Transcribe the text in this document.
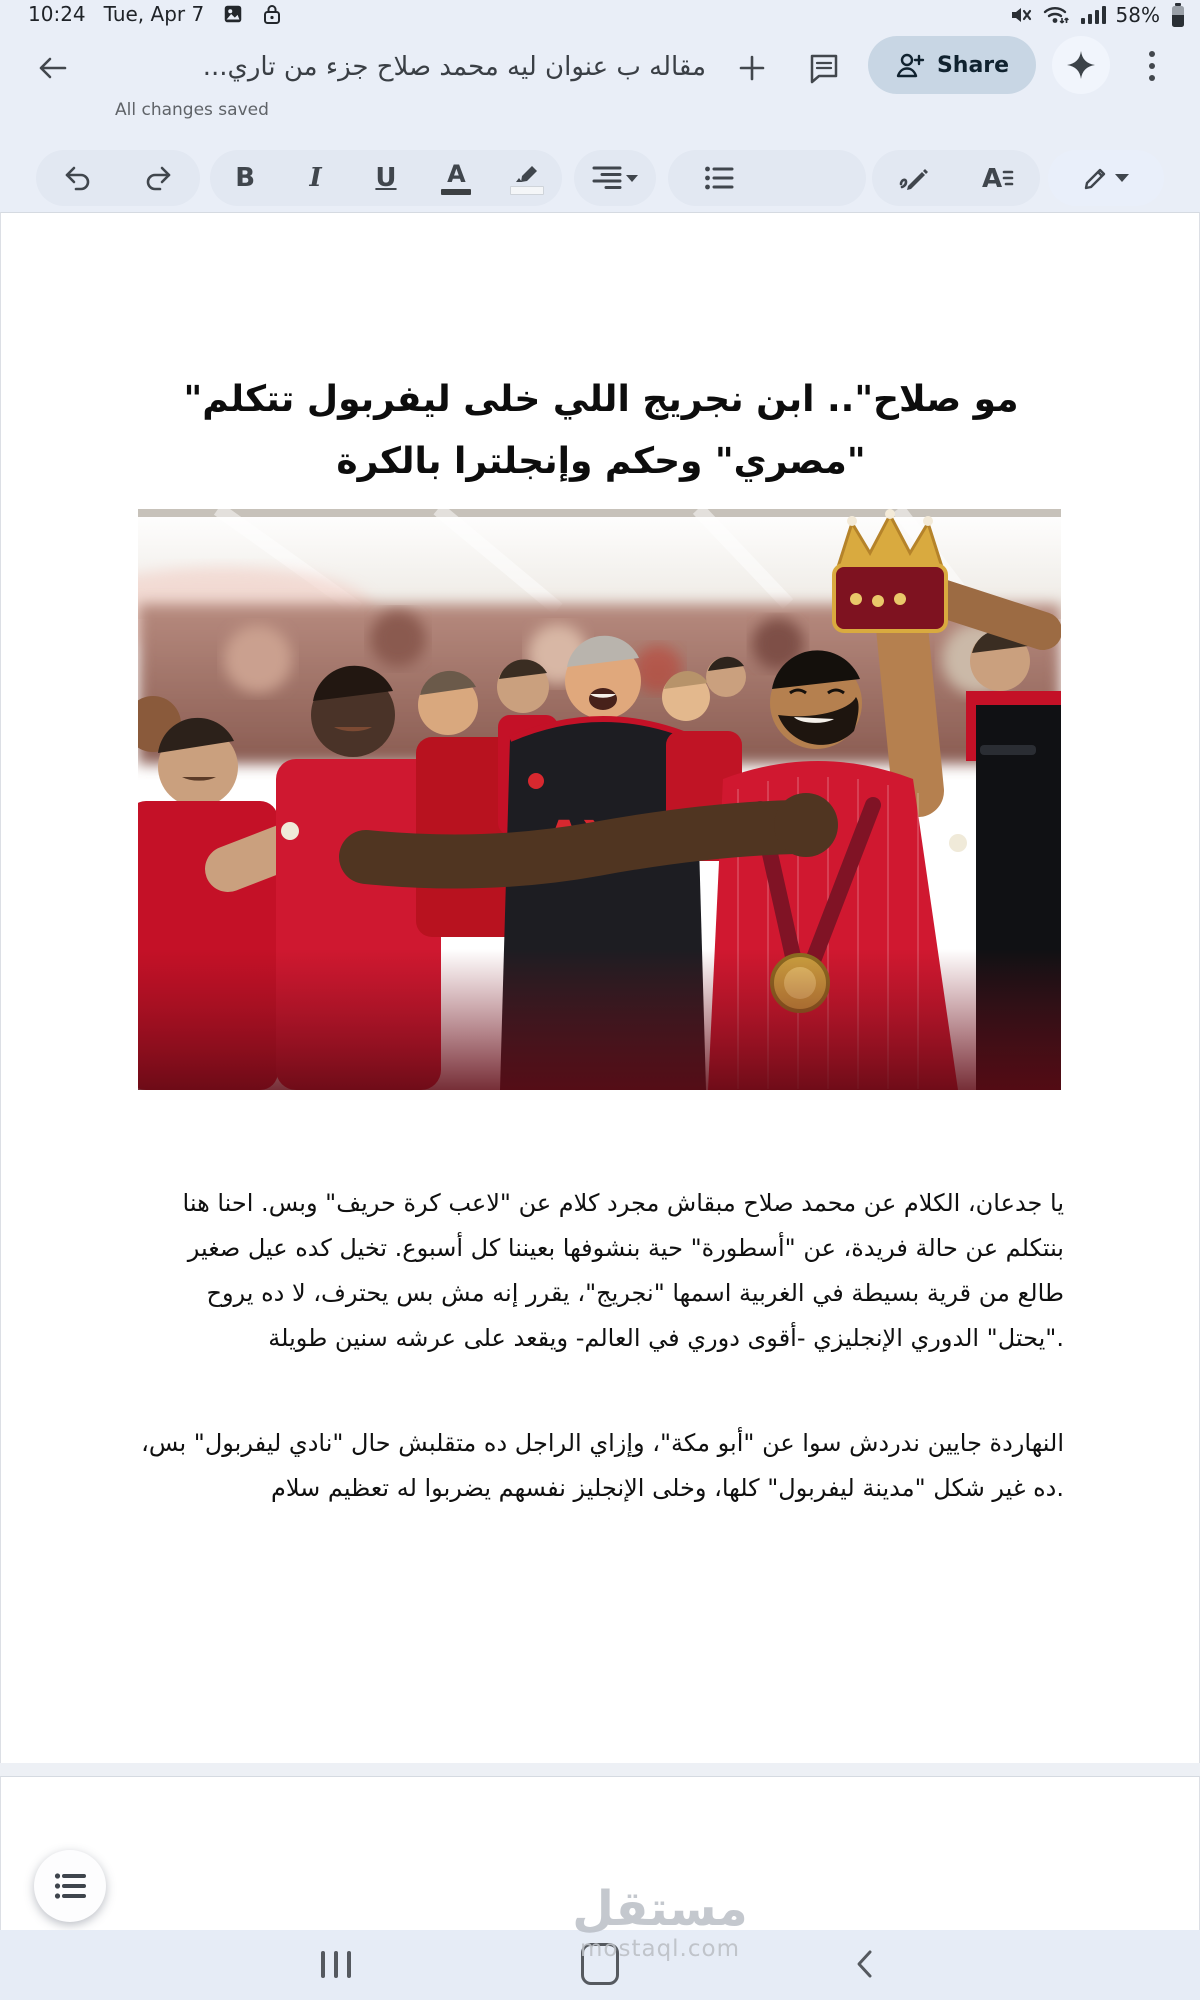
10:24 Tue, Apr 7	58%
مقاله ب عنوان ليه محمد صلاح جزء من تاري...
All changes saved
Share
B I U A	A
"مو صلاح".. ابن نجريج اللي خلى ليفربول تتكلم "مصري" وحكم وإنجلترا بالكرة
AXA
يا جدعان، الكلام عن محمد صلاح مبقاش مجرد كلام عن "لاعب كرة حريف" وبس. احنا هنا بنتكلم عن حالة فريدة، عن "أسطورة" حية بنشوفها بعيننا كل أسبوع. تخيل كده عيل صغير طالع من قرية بسيطة في الغربية اسمها "نجريج"، يقرر إنه مش بس يحترف، لا ده يروح "يحتل" الدوري الإنجليزي -أقوى دوري في العالم- ويقعد على عرشه سنين طويلة.
النهاردة جايين ندردش سوا عن "أبو مكة"، وإزاي الراجل ده متقلبش حال "نادي ليفربول" بس، ده غير شكل "مدينة ليفربول" كلها، وخلى الإنجليز نفسهم يضربوا له تعظيم سلام.
مستقل
mostaql.com
